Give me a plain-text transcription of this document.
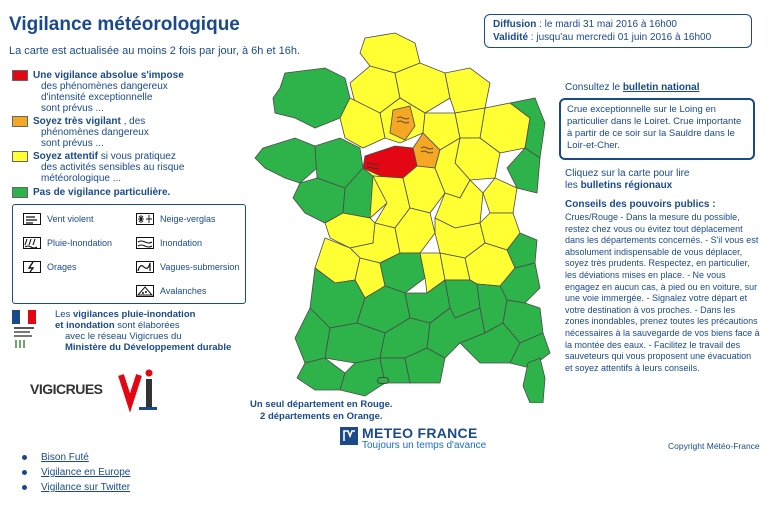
Vigilance météorologique
La carte est actualisée au moins 2 fois par jour, à 6h et 16h.
Une vigilance absolue s'impose
des phénomènes dangereux
d'intensité exceptionnelle
sont prévus ...
Soyez très vigilant , des
phénomènes dangereux
sont prévus ...
Soyez attentif si vous pratiquez
des activités sensibles au risque
météorologique ...
Pas de vigilance particulière.
Vent violent	Neige-verglas
Pluie-Inondation	Inondation
Orages	Vagues-submersion
Avalanches
Les vigilances pluie-inondation
et inondation sont élaborées
avec le réseau Vigicrues du
Ministère du Développement durable
VIGICRUES
Un seul département en Rouge.
2 départements en Orange.
METEO FRANCE
Toujours un temps d'avance	Copyright Météo-France
Diffusion : le mardi 31 mai 2016 à 16h00
Validité : jusqu'au mercredi 01 juin 2016 à 16h00
Consultez le bulletin national
Crue exceptionnelle sur le Loing en particulier dans le Loiret. Crue importante à partir de ce soir sur la Sauldre dans le Loir-et-Cher.
Cliquez sur la carte pour lire
les bulletins régionaux
Conseils des pouvoirs publics :
Crues/Rouge - Dans la mesure du possible, restez chez vous ou évitez tout déplacement dans les départements concernés. - S'il vous est absolument indispensable de vous déplacer, soyez très prudents. Respectez, en particulier, les déviations mises en place. - Ne vous engagez en aucun cas, à pied ou en voiture, sur une voie immergée. - Signalez votre départ et votre destination à vos proches. - Dans les zones inondables, prenez toutes les précautions nécessaires à la sauvegarde de vos biens face à la montée des eaux. - Facilitez le travail des sauveteurs qui vous proposent une évacuation et soyez attentifs à leurs conseils.
Bison Futé
Vigilance en Europe
Vigilance sur Twitter
